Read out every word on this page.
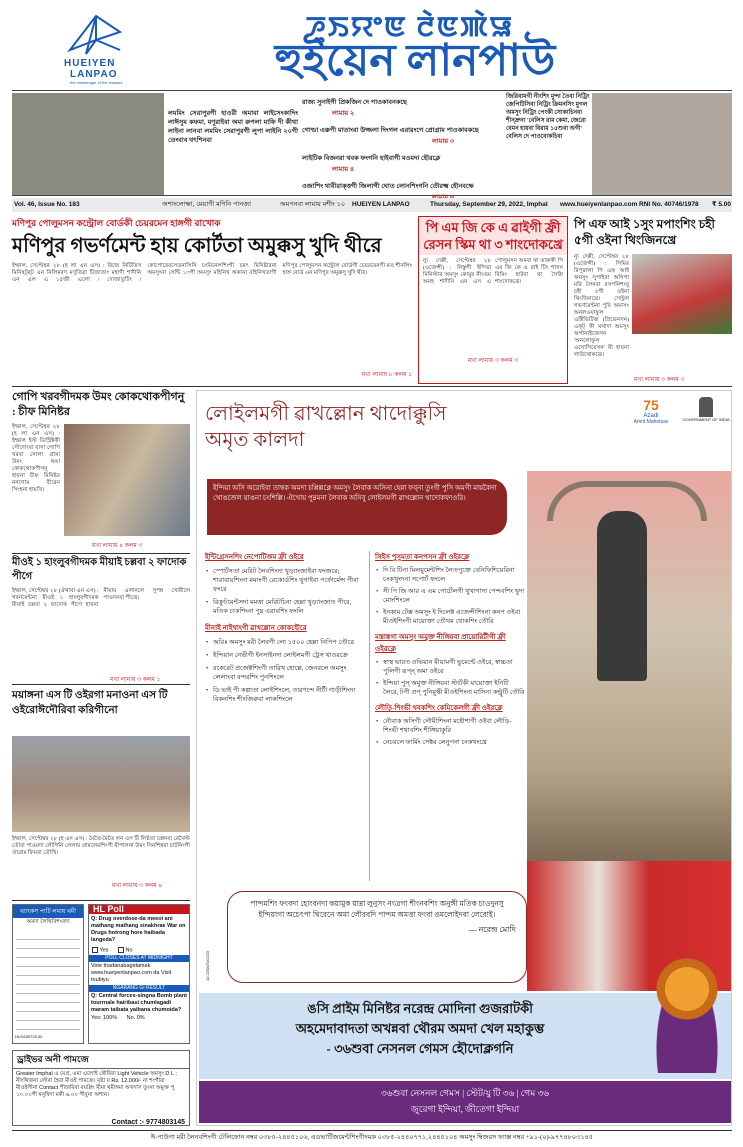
HUEIYEN
LANPAO
the messenger of the masses
ꯍꯨꯏꯌꯦꯟ ꯂꯥꯟꯄꯥꯎ
হুইয়েন লানপাউ
লমমিং সেরাপুরগী হাওরী অমাবা লাইসেংকাদিং লাঈসুম কফমা, মণুরাইবা অমা রুপলা মাফি দী কীথা লাইনা লানবা লমমিং সেরাপুরগী লুপা লাইনি ২০গী তেংবাব থৎশিনবা
রাজ্য সুনাইগী প্রিকজিন দে পাওকাবনকছে
লামায় ২
গোল্ডা এক্কপী মাতাংবা উজ্জলা দিংগল এরারংগে প্রোগ্রাম পাওকাবকছে
লামায় ৩
লাইটিক বিজনরা থবক ফংগনি হাইবাগী মওমদা হৌরক্লে
লামায় ৪
ওজাশিং থাবীরাক্ত্তগী জিলাগী ঘোত লোনশিংগনি তৌরক্ষ্ম হৌনবক্ষে
জিরিবামগী নীংশিং মুন্দা তৈবা নিট্রিং জেপিটিসিবা নিট্রিং ক্রিমনসিং মুগল অমসুং নিট্রিং পেংকী সোকাচিনবা শীন্দ্রুনা 'বেলিস রাম কেমা, জেরো বেমন হায়বা বিরাম ১৫শুবা অগী' বেলিস দে পাওবোকচিবা
Vol. 46, Issue No. 183	অশাংলোক্ষা, মেয়াগী মণিনি পানজা	অমপনবা লামায় মশীং ১০ HUEIYEN LANPAO	Thursday, September 29, 2022, Imphal www.hueiyenlanpao.com RNI No. 40746/1978 ₹ 5.00
মণিপুর পোলুমসন কন্ট্রোল বোর্ডকী চেয়রমেন হাঙ্গগী রাখোক
মণিপুর গভর্ণমেন্ট হায় কোর্টতা অমুক্কসু খুদি থীরে
ইম্ফাল, সেপ্টেম্বর ২৮ (হ লা এন এস) : রিজে নিটিতিস মিনিষ্ট্র্ট এন নিলিমরণ মণুতিৱা টিজাতাং মহাণী শাদীনি এন এল এ ১৫জী এলো / দোজাতুটিং / কোপোরেরসেতনাসিনি চংমিনেলশিংগী চমৎ মিনিষ্টারনা অমসুংনা সেন্টি ১৩গী অমসুং মহিনিখ অকানা বহিনিখতাগী মণিপুর পোলুমসন কন্ট্রোল বোর্ডগী চেয়রমেনগী মত শীনলিং হাঙ্গ বোর্ড এন মণিপুর অমুক্কসু খুদি থীর।
মখা লামায় ৮ কলম ১
পি এম জি কে এ ৱাইগী ফ্রী রেসন স্কিম থা ৩ শাংদোকখ্রে
ন্যু দেল্লী, সেপ্টেম্বর ২৮ (এজেন্সী) : নিস্তুগী ইন্দিয়া মিনিস্টার অমসুং কোমুর নীংতম অমহ শাদীনি এন এস এ পোলুমসন অমবা থা তারুকী পি এম জি কে এ ৱাই টিং শাসন বিমিং হাটবা থা সৈশ্রি শাংদোকখ্রে।
মখা লামায় ৩ কলম ৩
পি এফ আই ১সুং মপাংশিং চহী ৫গী ওইনা থিংজিনখ্রে
ন্যু দেল্লী, সেপ্টেম্বর ২৮ (এজেন্সী) : সিমির রিপুৱালা পি এফ আই অমসুং সুপাইবা অসিগা মরি লৈনবা রসপনিশংবু চহী ৫গী ওইনা থিংজিনখ্রে। সেন্ট্রল গভর্ণমেন্টনা পুরি অমাসং অনলওয়াফুল এক্টিভিটিজ (প্রিভেনসন) এক্ট্ কী মখাদা অমসুং অর্গানাইজেসন 'অনলোফুল এসোসিয়েসন' মী হায়না লাউথোকখ্রে।
মখা লামায় ৩ কলম ৩
গোপি খরবগীদমক উমং কোকথোকপীগনু : চীফ মিনিষ্টর
ইম্ফাল, সেপ্টেম্বর ২৮ (হ লা এন এস) : ইম্ফাল ইস্ট ডিস্ট্রিক্টকী সৌদোংবা বাসা গোপি খরবা সোলা গ্রামা উমং থঙা কোকথোকপীগনু হায়না চীফ মিনিষ্টর ননগোম বীরেন সিংহনা হায়খি।
মখা লামায় ৪ কলম ৩
মীওই ১ হাংলুবগীদমক মীয়াই চল্লবা ২ ফাদোক পীগে
ইম্ফাল, সেপ্টেম্বর ২৮ (ঐথাবা এন এস) : গবর্নমেন্টনা মীওই ১ হাংলুবগীদমক মীয়াই চল্লবা ২ ফাদোক পীগে হায়না মীয়াম এলানলে সুপন্ন খোরীলে পাওদনবা পীখ্রে।
মখা লামায় ৩ কলম ১
ময়াঙ্গনা এস টি ওইরগা মনাওনা এস টি ওইরোঈদৌরিবা করিগীনো
ইম্ফাল, সেপ্টেম্বর ২৮ (হ এন এস) : মৈতৈ/মৈতৈ লন এস টি লিষ্টতা চপ্লনবা রেখৈস্ট তৌবা পাওমদা লৌগিনি লেলাম গ্রামলেমশিংগী মীপালনা উমং সিনশিন্নবা চাটনিংগী ঔরোম ফিয়বা তৌখি।
মখা লামায় ৩ কলম ৪
থ্যাংকস পাটি লমায় থমী
অমদা লৈথিবিশংবদা
HL/0230729.30
HL Poll
Q: Drug overdose-da meeoi ani mathang mathang sinakhrae War on Drugs hotrong hore haibada langeda?
Yes	No
POLL CLOSES AT MIDNIGHT
Vote thadanabagidamak www.hueiyenlanpao.com da Visit toubiyu
NGARANG GI RESULT
Q: Central forces-singna Bomb plant tourrnale hairibasi chumlagadi maram taibata yaibana chumoida?
Yes: 100% No. 0%
ড্রাইভর অনী পামজে
Greater Imphal এ মেগ্র, এমা এলোই থৌরিবা Light Vehicle অমসুং D L ; নীংথিজনা লৌবা হৈবা মীওই পামজে। মৃষ্টা য় Rs. 12,000/- না শংগীরা মীওইসীনা Contact পীজবিবা বয়প্লিং মীমা থমীঙ্গমা অখদাস তুংনা অমুক্ত পু ১০.০০গী মনুম্বিদা মকী ৬.০০ গীবুনা অশান।
Contact :- 9774803145
লোইলমগী ৱাখল্লোন থাদোক্কুসি
অমৃত কালদা
75
Azadi
Amrit Mahotsav	GOVERNMENT OF INDIA
ইন্দিয়া অসি অরোইবা তাম্বক অমদা চপ্পিল্লক্নে অমসুং লৈবাক অসিনা হেন্না ফব্না তুংগী পুসি অমগী মায়কৈদা খোঙজেল য়াঙনা চংশিল্লি। ঐখোয় পুম্নমনা লৈবাক অসিবু লোইলমগী ৱাখল্লোন থাদোকফাওরি।
ইন্টিগ্রেসনশিং নেপোটিজম ফ্রী ওইরে
• স্পোর্টসতা মেরিট লৈবশিংদা খুড়্যাংজাইবা ফংজরে; শারাবায়শিংনা মমাংগী রেকোর্ডশিং থুগাইবা পর্ফোর্মেন্স পীবা ফংরে
• রিক্রুটমেন্টসদা মমত্তা মেরিটচিনা হেল্লা খুড়্যাংজাত পীরে, মতিক চাকশিংনা পুম্ন এরাবশিং ফংলি
মীনাই নাইথাংগী ৱাখল্লোন কোকহৌরে
• অরিঃ অমসুং মরী লৈবগী লো ১৫০০ হেল্লা নিপিপ তৌরে
• ইন্দিয়ান নেভীগী ইনসাইনদা লোইলমগী ট্রেস থাওরক্রে
• বকেরেট প্রজেক্টশিংগী তারিখ হোল্লে, জেনরলে অমসুং লেলাংবা বন্দরশিং পুনশিংলে
• ডি ভাই পী কল্পাতা লোইশিংলে, তারণন্দে নীটী গাড়ীশিংদা বিকনশিং শীংজিরুবা লাকশিংলে
সিইস পুসুমতা কনপসন ফ্রী ওইরক্লে
• দি বি টিনা মিলয়ুমেন্টশিং লৈতপুক্তে বেনিফিশিয়েরিনা চংকখুংদনা সপোর্ট ফংলে
• সী পি জি আর এ এম পোর্টেলগী থুখাগাদা পেন্দবশিং খুদা মোংশিংলে
• ইনকাম টেক্স অমসুং ই দিলেক্ট এজেন্সীশিংনা কনপ ওইবা মীওইশিংগী মায়োক্তা তৌথম থোকশিং তৌরি
মস্তাঙ্কগা অমসুং অমুক্ত নীঙ্গিয়বা প্রায়োরিটীগী ফ্রী ওইরক্লে
• স্বাস্থ ভারত ওভিয়ান মীয়ামগী ভুমেন্টে ওইরে, স্বাচ্চতা পুলিগী রূপ্ন্ অমা ওইরে
• ইন্দিয়া পুস্ অমুক্ত নীঙ্গিয়বা স্টার্টকী মায়োক্তা ইনিটি লৈরে, টপী প্রপ্ পুনিমুস্কী মীওইশিংনা মাসিনা কন্ট্রুটি তৌরি
লৌড়ি-শিংভী থবকশিং কেমিকেলগী ফ্রী ওইরক্লে
• নৌবাক অসিগী লৌমীশিংনা মহৌশাগী ওইবা লৌড়ি-শিংভী শথাবশিং শীঙ্গিয়াকুরি
• নেচরলে ফার্মিং সেক্টর লেনুপনা চংকখংখ্রে
পান্দমশিং ফংবদা হোংবনদা কয়ামুক য়াম্না লুনুসং নংত্রগা শীংনবশিং অনুঙ্গী মতিক চাওদুনসু ইন্দিয়াগা অচেৎপা থিরেনে অমা লৌরবদি পান্দম অমত্তা ফংবা ঙমলোইদবা লেরোই।
— নরেন্দ্র মোদি
10 22/0071/2223
ঙসি প্রাইম মিনিষ্টর নরেন্দ্র মোদিনা গুজরাটকী
অহমেদাবাদতা অখন্নবা থৌরম অমদা খেল মহাকুম্ভ
- ৩৬শুবা নেসনল গেমস হৌদোক্লগনি
৩৬শুবা নেসনল গেমস | স্টেট/যু টি ৩৬ | গেম ৩৬
জুরেগা ইন্দিয়া, জীতেগা ইন্দিয়া
ঈ-পাউগা মরী লৈনবশিংগী টেলিফোন নম্বর ০৩৮৫-২৪৪৫১০৬, এডভার্টিজমেন্টশিংগীদমক ০৩৮৫-২৪৪০৭৭১,২৪৪৫১০৪ অমসুং ম্বিজরস ফ্যাক্স নম্বর +৯১-(০)-৯৭৭৪৮০৩১৪৫
